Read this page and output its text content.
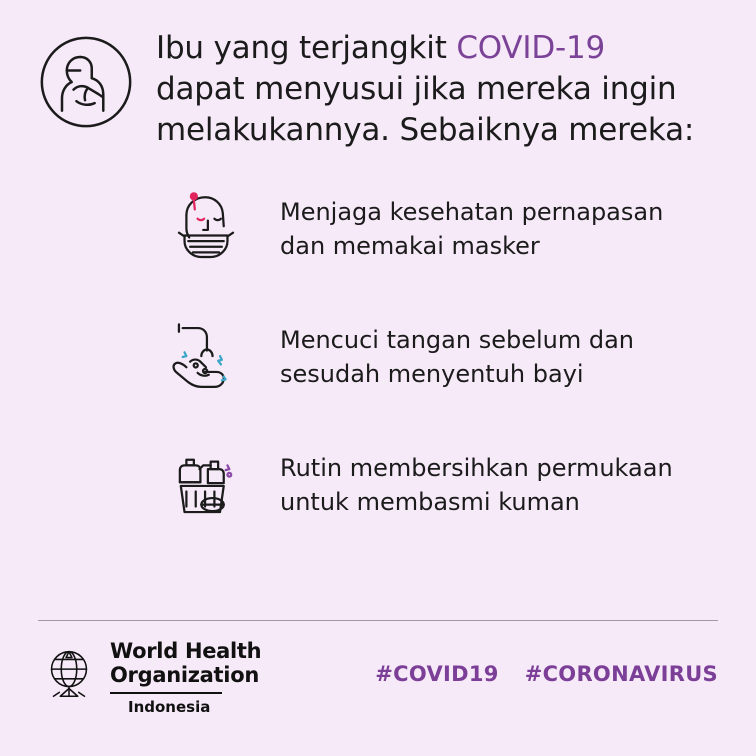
Ibu yang terjangkit COVID-19 dapat menyusui jika mereka ingin melakukannya. Sebaiknya mereka:
Menjaga kesehatan pernapasan dan memakai masker
Mencuci tangan sebelum dan sesudah menyentuh bayi
Rutin membersihkan permukaan untuk membasmi kuman
World Health
Organization
Indonesia
#COVID19 #CORONAVIRUS
